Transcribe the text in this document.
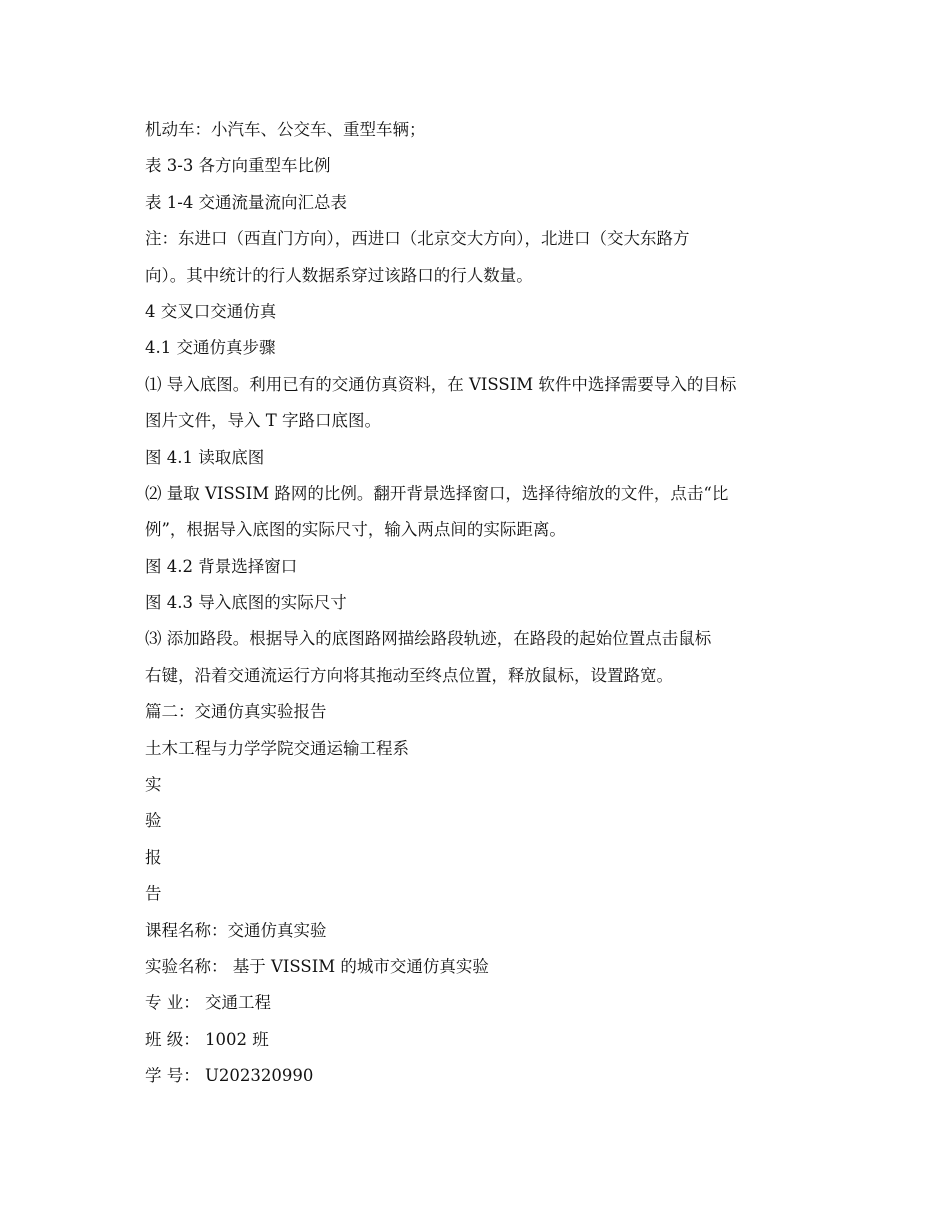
机动车：小汽车、公交车、重型车辆；

表 3-3 各方向重型车比例

表 1-4 交通流量流向汇总表

注：东进口（西直门方向），西进口（北京交大方向），北进口（交大东路方

向）。其中统计的行人数据系穿过该路口的行人数量。

4 交叉口交通仿真

4.1 交通仿真步骤

⑴ 导入底图。利用已有的交通仿真资料，在 VISSIM 软件中选择需要导入的目标

图片文件，导入 T 字路口底图。

图 4.1 读取底图

⑵ 量取 VISSIM 路网的比例。翻开背景选择窗口，选择待缩放的文件，点击“比

例”，根据导入底图的实际尺寸，输入两点间的实际距离。

图 4.2 背景选择窗口

图 4.3 导入底图的实际尺寸

⑶ 添加路段。根据导入的底图路网描绘路段轨迹，在路段的起始位置点击鼠标

右键，沿着交通流运行方向将其拖动至终点位置，释放鼠标，设置路宽。

篇二：交通仿真实验报告

土木工程与力学学院交通运输工程系

实

验

报

告

课程名称：交通仿真实验

实验名称： 基于 VISSIM 的城市交通仿真实验

专 业： 交通工程

班 级： 1002 班

学 号： U202320990
